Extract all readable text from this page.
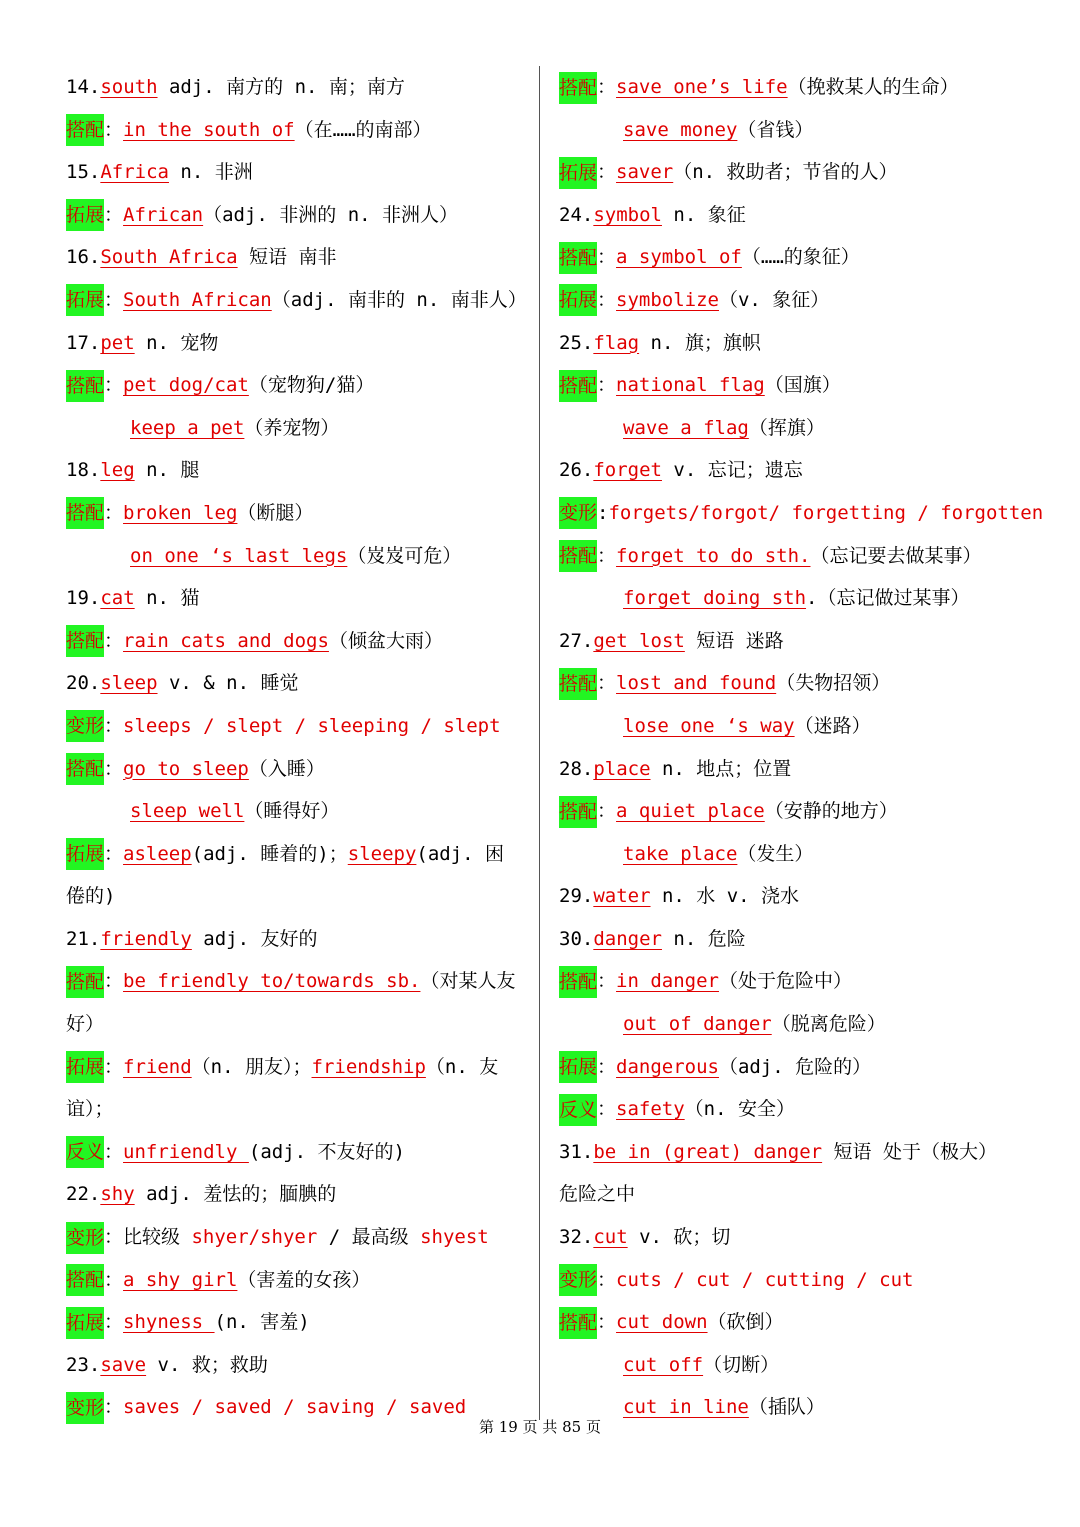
14.south adj. 南方的 n. 南；南方
搭配：in the south of（在……的南部）
15.Africa n. 非洲
拓展：African（adj. 非洲的 n. 非洲人）
16.South Africa 短语 南非
拓展：South African（adj. 南非的 n. 南非人）
17.pet n. 宠物
搭配：pet dog/cat（宠物狗/猫）
keep a pet（养宠物）
18.leg n. 腿
搭配：broken leg（断腿）
on one ‘s last legs（岌岌可危）
19.cat n. 猫
搭配：rain cats and dogs（倾盆大雨）
20.sleep v. & n. 睡觉
变形：sleeps / slept / sleeping / slept
搭配：go to sleep（入睡）
sleep well（睡得好）
拓展：asleep(adj. 睡着的)；sleepy(adj. 困
倦的)
21.friendly adj. 友好的
搭配：be friendly to/towards sb.（对某人友
好）
拓展：friend（n. 朋友）；friendship（n. 友
谊）；
反义：unfriendly (adj. 不友好的)
22.shy adj. 羞怯的；腼腆的
变形：比较级 shyer/shyer / 最高级 shyest
搭配：a shy girl（害羞的女孩）
拓展：shyness (n. 害羞)
23.save v. 救；救助
变形：saves / saved / saving / saved
搭配：save one’s life（挽救某人的生命）
save money（省钱）
拓展：saver（n. 救助者；节省的人）
24.symbol n. 象征
搭配：a symbol of（……的象征）
拓展：symbolize（v. 象征）
25.flag n. 旗；旗帜
搭配：national flag（国旗）
wave a flag（挥旗）
26.forget v. 忘记；遗忘
变形:forgets/forgot/ forgetting / forgotten
搭配：forget to do sth.（忘记要去做某事）
forget doing sth.（忘记做过某事）
27.get lost 短语 迷路
搭配：lost and found（失物招领）
lose one ‘s way（迷路）
28.place n. 地点；位置
搭配：a quiet place（安静的地方）
take place（发生）
29.water n. 水 v. 浇水
30.danger n. 危险
搭配：in danger（处于危险中）
out of danger（脱离危险）
拓展：dangerous（adj. 危险的）
反义：safety（n. 安全）
31.be in (great) danger 短语 处于（极大）
危险之中
32.cut v. 砍；切
变形：cuts / cut / cutting / cut
搭配：cut down（砍倒）
cut off（切断）
cut in line（插队）
第 19 页 共 85 页
